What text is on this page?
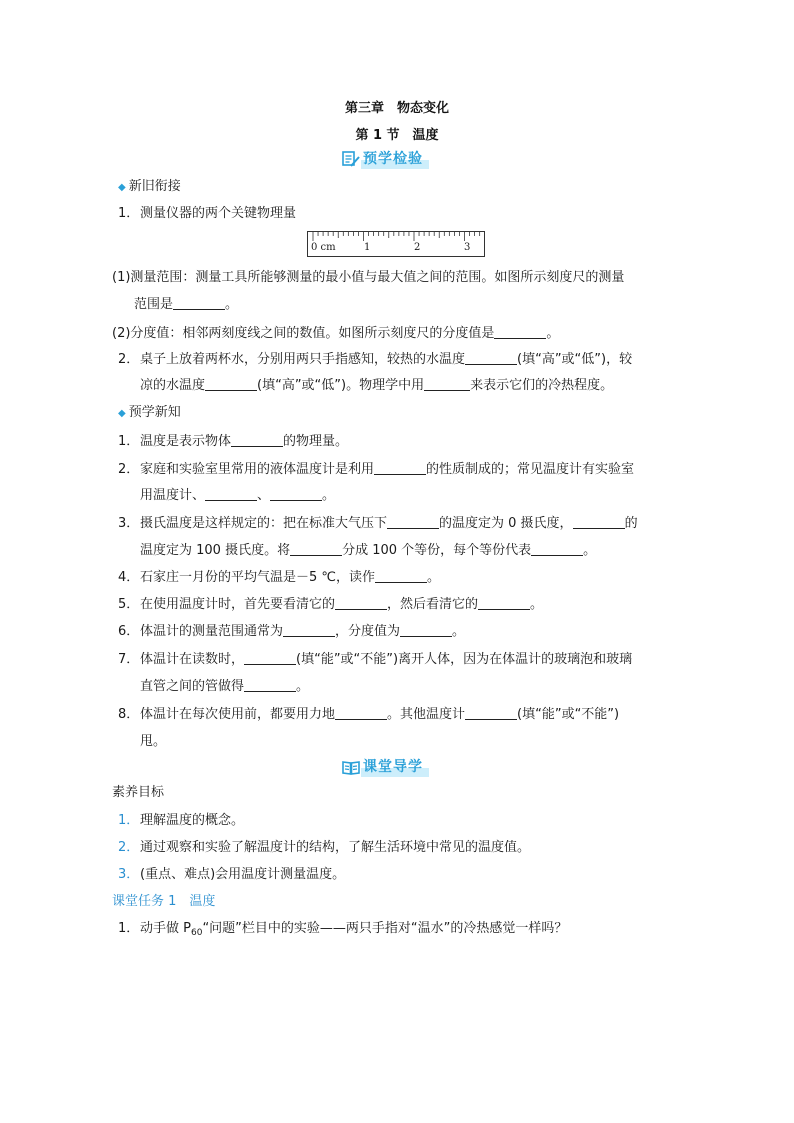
第三章　物态变化
第 1 节　温度
预学检验
◆ 新旧衔接
1．测量仪器的两个关键物理量
0 cm	1	2	3
(1)测量范围：测量工具所能够测量的最小值与最大值之间的范围。如图所示刻度尺的测量
范围是	。
(2)分度值：相邻两刻度线之间的数值。如图所示刻度尺的分度值是	。
2．桌子上放着两杯水，分别用两只手指感知，较热的水温度	(填“高”或“低”)，较
凉的水温度	(填“高”或“低”)。物理学中用	来表示它们的冷热程度。
◆ 预学新知
1．温度是表示物体	的物理量。
2．家庭和实验室里常用的液体温度计是利用	的性质制成的；常见温度计有实验室
用温度计、	、	。
3．摄氏温度是这样规定的：把在标准大气压下	的温度定为 0 摄氏度，	的
温度定为 100 摄氏度。将	分成 100 个等份，每个等份代表	。
4．石家庄一月份的平均气温是－5 ℃，读作	。
5．在使用温度计时，首先要看清它的	，然后看清它的	。
6．体温计的测量范围通常为	，分度值为	。
7．体温计在读数时，	(填“能”或“不能”)离开人体，因为在体温计的玻璃泡和玻璃
直管之间的管做得	。
8．体温计在每次使用前，都要用力地	。其他温度计	(填“能”或“不能”)
甩。
课堂导学
素养目标
1．理解温度的概念。
2．通过观察和实验了解温度计的结构，了解生活环境中常见的温度值。
3．(重点、难点)会用温度计测量温度。
课堂任务 1　温度
1．动手做 $P_{60}“$问题”栏目中的实验——两只手指对“温水”的冷热感觉一样吗？
